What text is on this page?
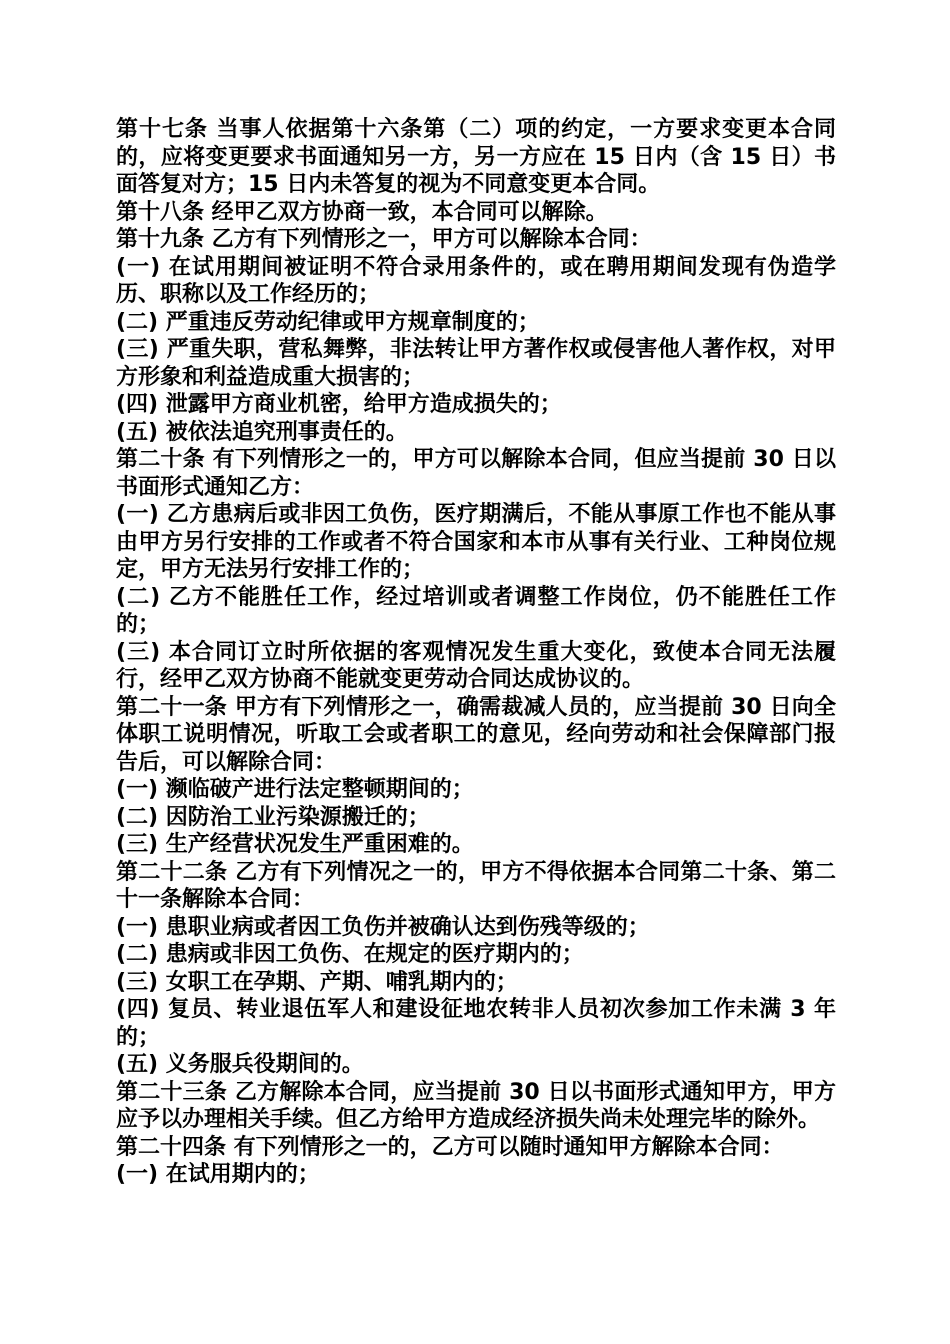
第十七条 当事人依据第十六条第（二）项的约定，一方要求变更本合同的，应将变更要求书面通知另一方，另一方应在 15 日内（含 15 日）书面答复对方；15 日内未答复的视为不同意变更本合同。

第十八条 经甲乙双方协商一致，本合同可以解除。

第十九条 乙方有下列情形之一，甲方可以解除本合同：

(一) 在试用期间被证明不符合录用条件的，或在聘用期间发现有伪造学历、职称以及工作经历的；

(二) 严重违反劳动纪律或甲方规章制度的；

(三) 严重失职，营私舞弊，非法转让甲方著作权或侵害他人著作权，对甲方形象和利益造成重大损害的；

(四) 泄露甲方商业机密，给甲方造成损失的；

(五) 被依法追究刑事责任的。

第二十条 有下列情形之一的，甲方可以解除本合同，但应当提前 30 日以书面形式通知乙方：

(一) 乙方患病后或非因工负伤，医疗期满后，不能从事原工作也不能从事由甲方另行安排的工作或者不符合国家和本市从事有关行业、工种岗位规定，甲方无法另行安排工作的；

(二) 乙方不能胜任工作，经过培训或者调整工作岗位，仍不能胜任工作的；

(三) 本合同订立时所依据的客观情况发生重大变化，致使本合同无法履行，经甲乙双方协商不能就变更劳动合同达成协议的。

第二十一条 甲方有下列情形之一，确需裁减人员的，应当提前 30 日向全体职工说明情况，听取工会或者职工的意见，经向劳动和社会保障部门报告后，可以解除合同：

(一) 濒临破产进行法定整顿期间的；

(二) 因防治工业污染源搬迁的；

(三) 生产经营状况发生严重困难的。

第二十二条 乙方有下列情况之一的，甲方不得依据本合同第二十条、第二十一条解除本合同：

(一) 患职业病或者因工负伤并被确认达到伤残等级的；

(二) 患病或非因工负伤、在规定的医疗期内的；

(三) 女职工在孕期、产期、哺乳期内的；

(四) 复员、转业退伍军人和建设征地农转非人员初次参加工作未满 3 年的；

(五) 义务服兵役期间的。

第二十三条 乙方解除本合同，应当提前 30 日以书面形式通知甲方，甲方应予以办理相关手续。但乙方给甲方造成经济损失尚未处理完毕的除外。

第二十四条 有下列情形之一的，乙方可以随时通知甲方解除本合同：

(一) 在试用期内的；
